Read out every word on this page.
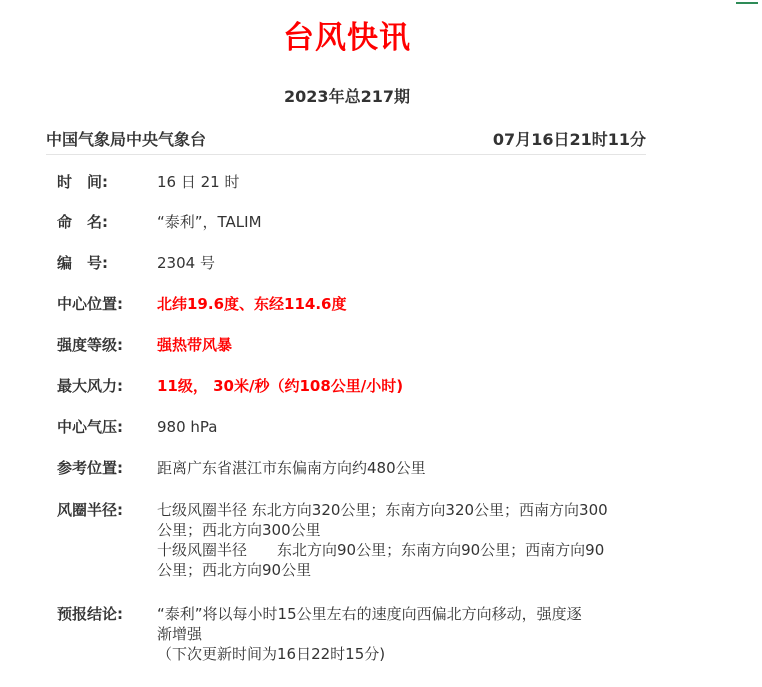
台风快讯
2023年总217期
中国气象局中央气象台	07月16日21时11分
时　间:	16 日 21 时
命　名:	“泰利”，TALIM
编　号:	2304 号
中心位置:	北纬19.6度、东经114.6度
强度等级:	强热带风暴
最大风力:	11级， 30米/秒（约108公里/小时)
中心气压:	980 hPa
参考位置:	距离广东省湛江市东偏南方向约480公里
风圈半径:	七级风圈半径 东北方向320公里；东南方向320公里；西南方向300
公里；西北方向300公里
十级风圈半径　　东北方向90公里；东南方向90公里；西南方向90
公里；西北方向90公里
预报结论:	“泰利”将以每小时15公里左右的速度向西偏北方向移动，强度逐
渐增强
（下次更新时间为16日22时15分)
